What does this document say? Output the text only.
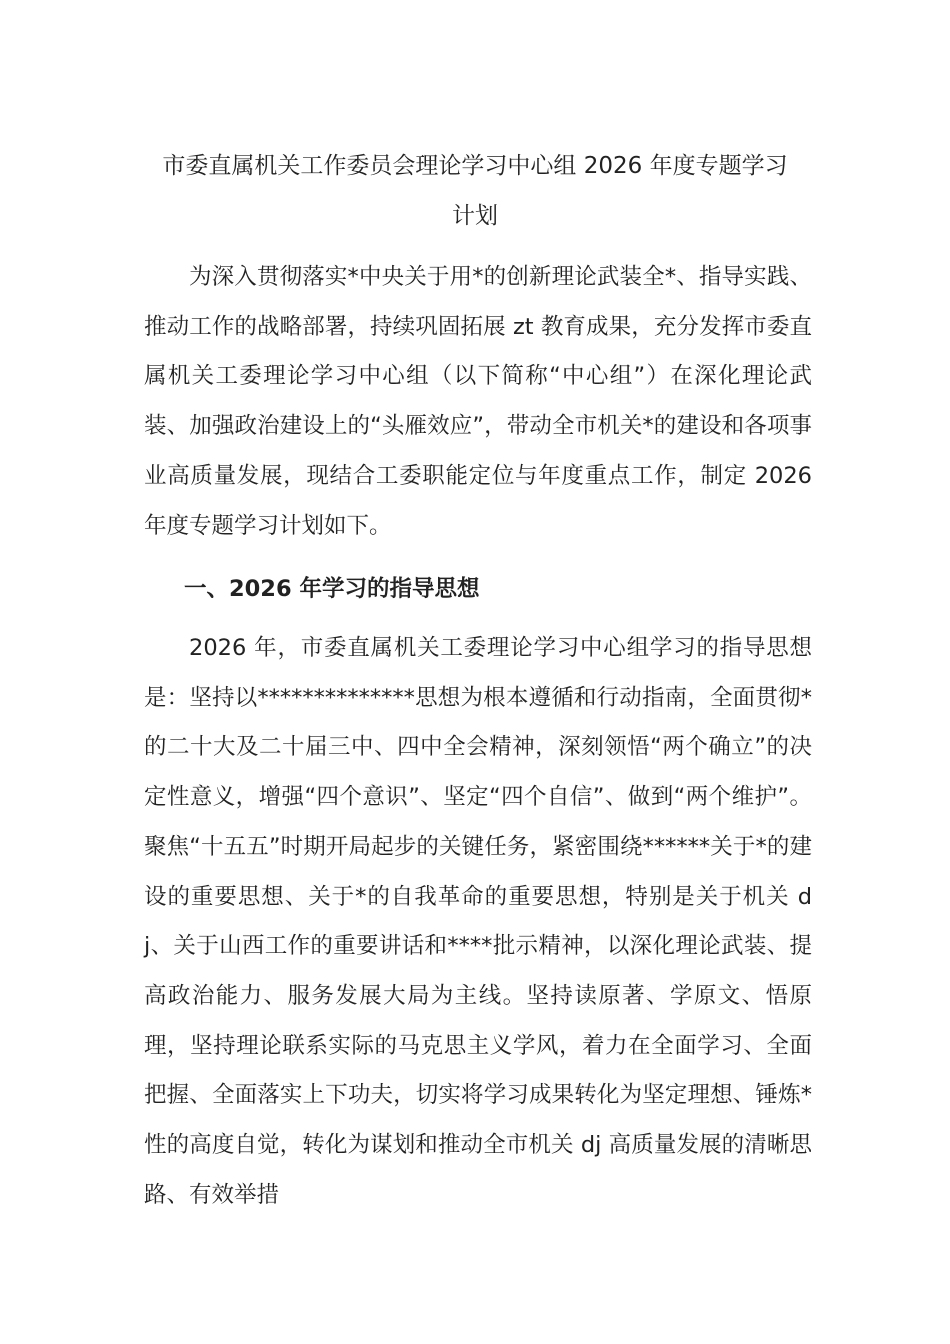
市委直属机关工作委员会理论学习中心组 2026 年度专题学习
计划

为深入贯彻落实*中央关于用*的创新理论武装全*、指导实践、推动工作的战略部署，持续巩固拓展 zt 教育成果，充分发挥市委直属机关工委理论学习中心组（以下简称“中心组”）在深化理论武装、加强政治建设上的“头雁效应”，带动全市机关*的建设和各项事业高质量发展，现结合工委职能定位与年度重点工作，制定 2026 年度专题学习计划如下。

一、2026 年学习的指导思想

2026 年，市委直属机关工委理论学习中心组学习的指导思想是：坚持以**************思想为根本遵循和行动指南，全面贯彻*的二十大及二十届三中、四中全会精神，深刻领悟“两个确立”的决定性意义，增强“四个意识”、坚定“四个自信”、做到“两个维护”。聚焦“十五五”时期开局起步的关键任务，紧密围绕******关于*的建设的重要思想、关于*的自我革命的重要思想，特别是关于机关 dj、关于山西工作的重要讲话和****批示精神，以深化理论武装、提高政治能力、服务发展大局为主线。坚持读原著、学原文、悟原理，坚持理论联系实际的马克思主义学风，着力在全面学习、全面把握、全面落实上下功夫，切实将学习成果转化为坚定理想、锤炼*性的高度自觉，转化为谋划和推动全市机关 dj 高质量发展的清晰思路、有效举措
